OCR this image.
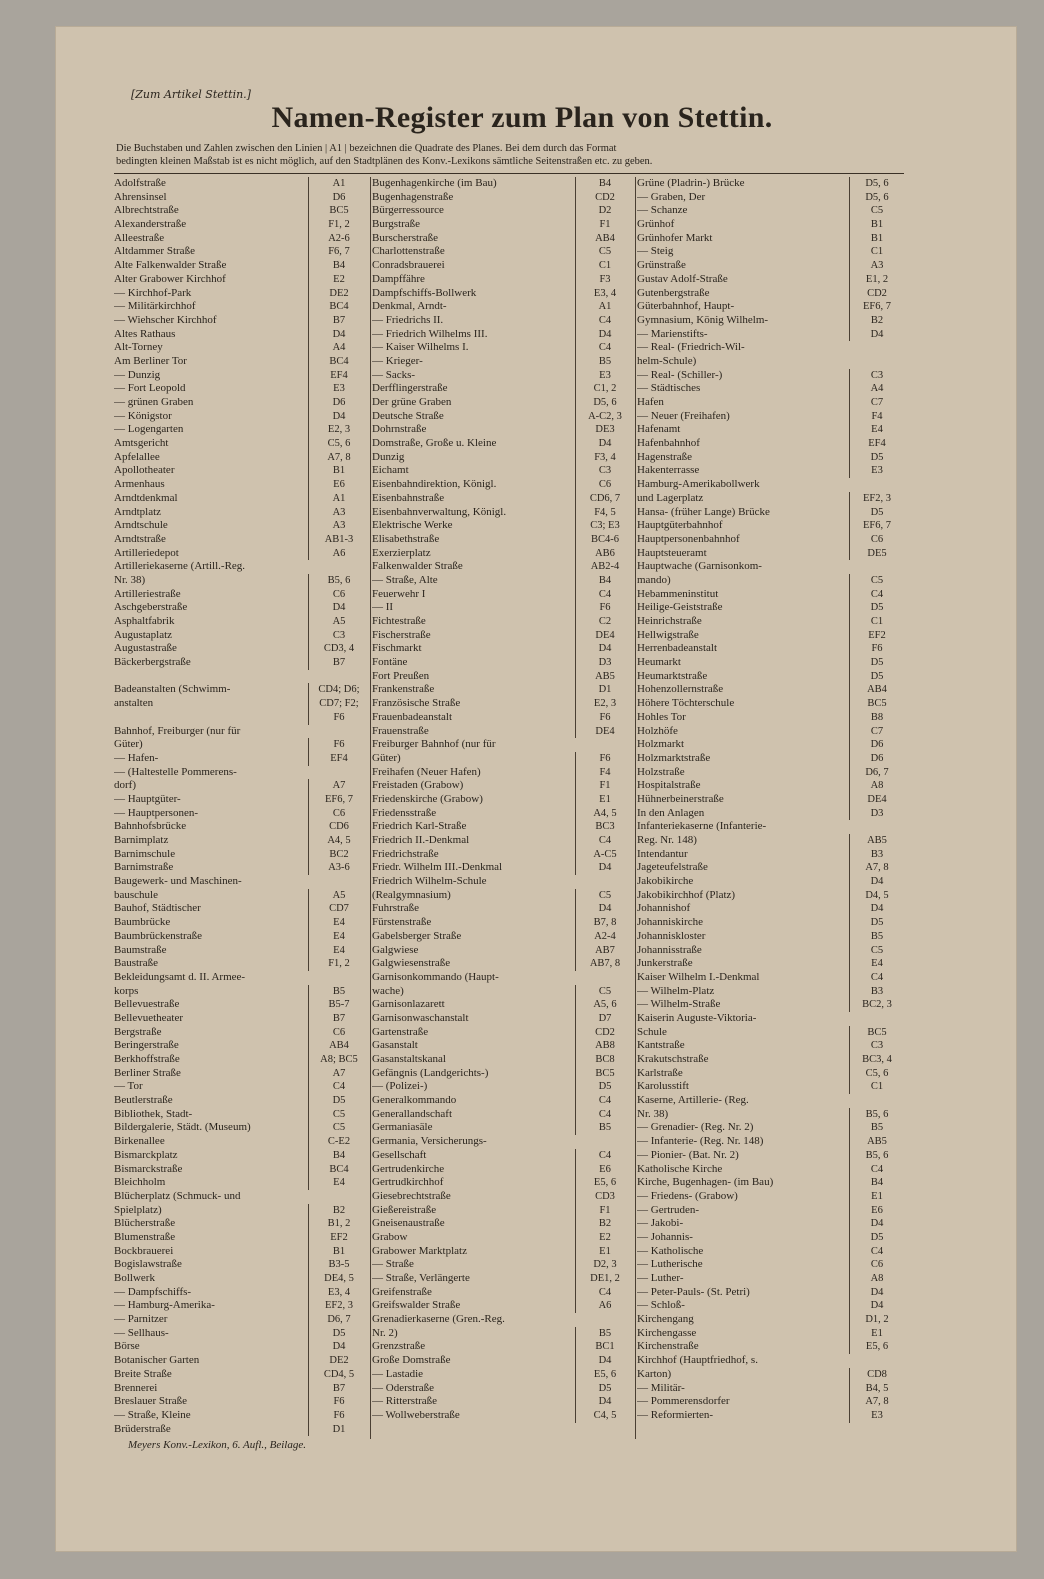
[Zum Artikel Stettin.]
Namen-Register zum Plan von Stettin.
Die Buchstaben und Zahlen zwischen den Linien | A1 | bezeichnen die Quadrate des Planes. Bei dem durch das Format
bedingten kleinen Maßstab ist es nicht möglich, auf den Stadtplänen des Konv.-Lexikons sämtliche Seitenstraßen etc. zu geben.
Adolfstraße	A1
Ahrensinsel	D6
Albrechtstraße	BC5
Alexanderstraße	F1, 2
Alleestraße	A2-6
Altdammer Straße	F6, 7
Alte Falkenwalder Straße	B4
Alter Grabower Kirchhof	E2
— Kirchhof-Park	DE2
— Militärkirchhof	BC4
— Wiehscher Kirchhof	B7
Altes Rathaus	D4
Alt-Torney	A4
Am Berliner Tor	BC4
— Dunzig	EF4
— Fort Leopold	E3
— grünen Graben	D6
— Königstor	D4
— Logengarten	E2, 3
Amtsgericht	C5, 6
Apfelallee	A7, 8
Apollotheater	B1
Armenhaus	E6
Arndtdenkmal	A1
Arndtplatz	A3
Arndtschule	A3
Arndtstraße	AB1-3
Artilleriedepot	A6
Artilleriekaserne (Artill.-Reg.
Nr. 38)	B5, 6
Artilleriestraße	C6
Aschgeberstraße	D4
Asphaltfabrik	A5
Augustaplatz	C3
Augustastraße	CD3, 4
Bäckerbergstraße	B7
Badeanstalten (Schwimm-	CD4; D6;
anstalten	CD7; F2;
F6
Bahnhof, Freiburger (nur für
Güter)	F6
— Hafen-	EF4
— (Haltestelle Pommerens-
dorf)	A7
— Hauptgüter-	EF6, 7
— Hauptpersonen-	C6
Bahnhofsbrücke	CD6
Barnimplatz	A4, 5
Barnimschule	BC2
Barnimstraße	A3-6
Baugewerk- und Maschinen-
bauschule	A5
Bauhof, Städtischer	CD7
Baumbrücke	E4
Baumbrückenstraße	E4
Baumstraße	E4
Baustraße	F1, 2
Bekleidungsamt d. II. Armee-
korps	B5
Bellevuestraße	B5-7
Bellevuetheater	B7
Bergstraße	C6
Beringerstraße	AB4
Berkhoffstraße	A8; BC5
Berliner Straße	A7
— Tor	C4
Beutlerstraße	D5
Bibliothek, Stadt-	C5
Bildergalerie, Städt. (Museum)	C5
Birkenallee	C-E2
Bismarckplatz	B4
Bismarckstraße	BC4
Bleichholm	E4
Blücherplatz (Schmuck- und
Spielplatz)	B2
Blücherstraße	B1, 2
Blumenstraße	EF2
Bockbrauerei	B1
Bogislawstraße	B3-5
Bollwerk	DE4, 5
— Dampfschiffs-	E3, 4
— Hamburg-Amerika-	EF2, 3
— Parnitzer	D6, 7
— Sellhaus-	D5
Börse	D4
Botanischer Garten	DE2
Breite Straße	CD4, 5
Brennerei	B7
Breslauer Straße	F6
— Straße, Kleine	F6
Brüderstraße	D1
Bugenhagenkirche (im Bau)	B4
Bugenhagenstraße	CD2
Bürgerressource	D2
Burgstraße	F1
Burscherstraße	AB4
Charlottenstraße	C5
Conradsbrauerei	C1
Dampffähre	F3
Dampfschiffs-Bollwerk	E3, 4
Denkmal, Arndt-	A1
— Friedrichs II.	C4
— Friedrich Wilhelms III.	D4
— Kaiser Wilhelms I.	C4
— Krieger-	B5
— Sacks-	E3
Derfflingerstraße	C1, 2
Der grüne Graben	D5, 6
Deutsche Straße	A-C2, 3
Dohrnstraße	DE3
Domstraße, Große u. Kleine	D4
Dunzig	F3, 4
Eichamt	C3
Eisenbahndirektion, Königl.	C6
Eisenbahnstraße	CD6, 7
Eisenbahnverwaltung, Königl.	F4, 5
Elektrische Werke	C3; E3
Elisabethstraße	BC4-6
Exerzierplatz	AB6
Falkenwalder Straße	AB2-4
— Straße, Alte	B4
Feuerwehr I	C4
— II	F6
Fichtestraße	C2
Fischerstraße	DE4
Fischmarkt	D4
Fontäne	D3
Fort Preußen	AB5
Frankenstraße	D1
Französische Straße	E2, 3
Frauenbadeanstalt	F6
Frauenstraße	DE4
Freiburger Bahnhof (nur für
Güter)	F6
Freihafen (Neuer Hafen)	F4
Freistaden (Grabow)	F1
Friedenskirche (Grabow)	E1
Friedensstraße	A4, 5
Friedrich Karl-Straße	BC3
Friedrich II.-Denkmal	C4
Friedrichstraße	A-C5
Friedr. Wilhelm III.-Denkmal	D4
Friedrich Wilhelm-Schule
(Realgymnasium)	C5
Fuhrstraße	D4
Fürstenstraße	B7, 8
Gabelsberger Straße	A2-4
Galgwiese	AB7
Galgwiesenstraße	AB7, 8
Garnisonkommando (Haupt-
wache)	C5
Garnisonlazarett	A5, 6
Garnisonwaschanstalt	D7
Gartenstraße	CD2
Gasanstalt	AB8
Gasanstaltskanal	BC8
Gefängnis (Landgerichts-)	BC5
— (Polizei-)	D5
Generalkommando	C4
Generallandschaft	C4
Germaniasäle	B5
Germania, Versicherungs-
Gesellschaft	C4
Gertrudenkirche	E6
Gertrudkirchhof	E5, 6
Giesebrechtstraße	CD3
Gießereistraße	F1
Gneisenaustraße	B2
Grabow	E2
Grabower Marktplatz	E1
— Straße	D2, 3
— Straße, Verlängerte	DE1, 2
Greifenstraße	C4
Greifswalder Straße	A6
Grenadierkaserne (Gren.-Reg.
Nr. 2)	B5
Grenzstraße	BC1
Große Domstraße	D4
— Lastadie	E5, 6
— Oderstraße	D5
— Ritterstraße	D4
— Wollweberstraße	C4, 5
Grüne (Pladrin-) Brücke	D5, 6
— Graben, Der	D5, 6
— Schanze	C5
Grünhof	B1
Grünhofer Markt	B1
— Steig	C1
Grünstraße	A3
Gustav Adolf-Straße	E1, 2
Gutenbergstraße	CD2
Güterbahnhof, Haupt-	EF6, 7
Gymnasium, König Wilhelm-	B2
— Marienstifts-	D4
— Real- (Friedrich-Wil-
helm-Schule)
— Real- (Schiller-)	C3
— Städtisches	A4
Hafen	C7
— Neuer (Freihafen)	F4
Hafenamt	E4
Hafenbahnhof	EF4
Hagenstraße	D5
Hakenterrasse	E3
Hamburg-Amerikabollwerk
und Lagerplatz	EF2, 3
Hansa- (früher Lange) Brücke	D5
Hauptgüterbahnhof	EF6, 7
Hauptpersonenbahnhof	C6
Hauptsteueramt	DE5
Hauptwache (Garnisonkom-
mando)	C5
Hebammeninstitut	C4
Heilige-Geiststraße	D5
Heinrichstraße	C1
Hellwigstraße	EF2
Herrenbadeanstalt	F6
Heumarkt	D5
Heumarktstraße	D5
Hohenzollernstraße	AB4
Höhere Töchterschule	BC5
Hohles Tor	B8
Holzhöfe	C7
Holzmarkt	D6
Holzmarktstraße	D6
Holzstraße	D6, 7
Hospitalstraße	A8
Hühnerbeinerstraße	DE4
In den Anlagen	D3
Infanteriekaserne (Infanterie-
Reg. Nr. 148)	AB5
Intendantur	B3
Jageteufelstraße	A7, 8
Jakobikirche	D4
Jakobikirchhof (Platz)	D4, 5
Johannishof	D4
Johanniskirche	D5
Johanniskloster	B5
Johannisstraße	C5
Junkerstraße	E4
Kaiser Wilhelm I.-Denkmal	C4
— Wilhelm-Platz	B3
— Wilhelm-Straße	BC2, 3
Kaiserin Auguste-Viktoria-
Schule	BC5
Kantstraße	C3
Krakutschstraße	BC3, 4
Karlstraße	C5, 6
Karolusstift	C1
Kaserne, Artillerie- (Reg.
Nr. 38)	B5, 6
— Grenadier- (Reg. Nr. 2)	B5
— Infanterie- (Reg. Nr. 148)	AB5
— Pionier- (Bat. Nr. 2)	B5, 6
Katholische Kirche	C4
Kirche, Bugenhagen- (im Bau)	B4
— Friedens- (Grabow)	E1
— Gertruden-	E6
— Jakobi-	D4
— Johannis-	D5
— Katholische	C4
— Lutherische	C6
— Luther-	A8
— Peter-Pauls- (St. Petri)	D4
— Schloß-	D4
Kirchengang	D1, 2
Kirchengasse	E1
Kirchenstraße	E5, 6
Kirchhof (Hauptfriedhof, s.
Karton)	CD8
— Militär-	B4, 5
— Pommerensdorfer	A7, 8
— Reformierten-	E3
Meyers Konv.-Lexikon, 6. Aufl., Beilage.
